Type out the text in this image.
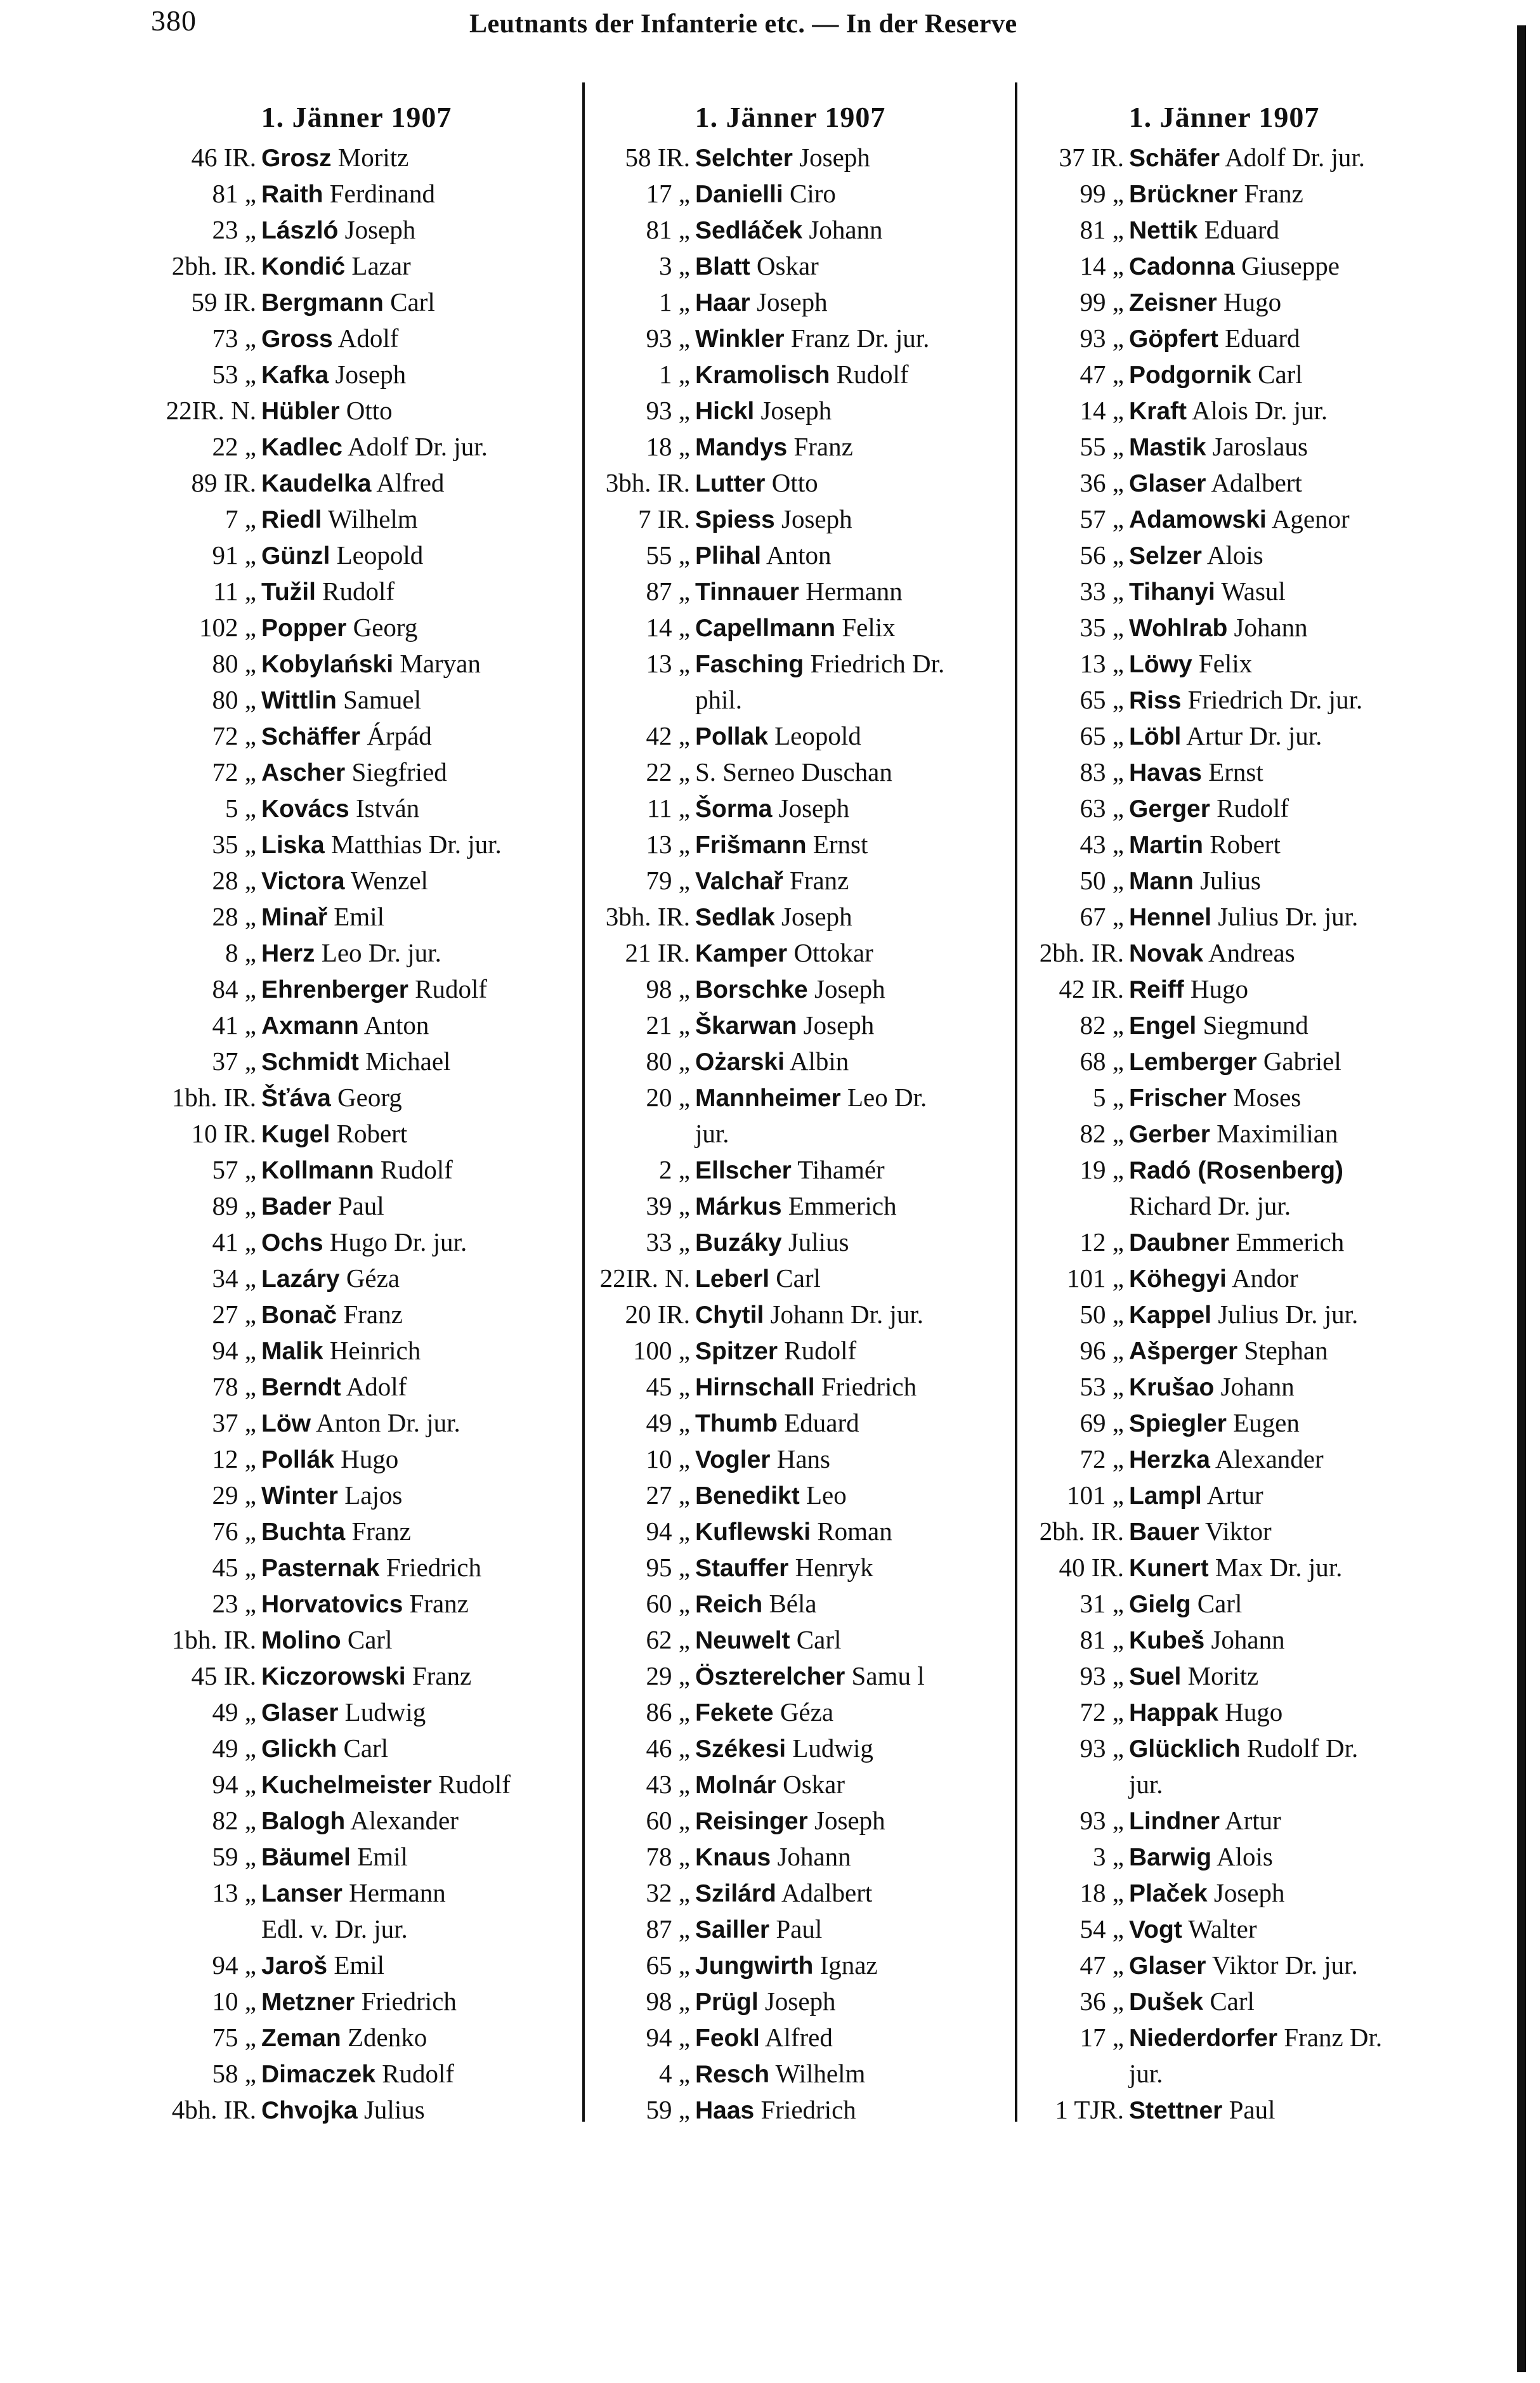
380	Leutnants der Infanterie etc. — In der Reserve
1. Jänner 1907
46 IR. Grosz Moritz
81 „ Raith Ferdinand
23 „ László Joseph
2bh. IR. Kondić Lazar
59 IR. Bergmann Carl
73 „ Gross Adolf
53 „ Kafka Joseph
22IR. N. Hübler Otto
22 „ Kadlec Adolf Dr. jur.
89 IR. Kaudelka Alfred
7 „ Riedl Wilhelm
91 „ Günzl Leopold
11 „ Tužil Rudolf
102 „ Popper Georg
80 „ Kobylański Maryan
80 „ Wittlin Samuel
72 „ Schäffer Árpád
72 „ Ascher Siegfried
5 „ Kovács István
35 „ Liska Matthias Dr. jur.
28 „ Victora Wenzel
28 „ Minař Emil
8 „ Herz Leo Dr. jur.
84 „ Ehrenberger Rudolf
41 „ Axmann Anton
37 „ Schmidt Michael
1bh. IR. Šťáva Georg
10 IR. Kugel Robert
57 „ Kollmann Rudolf
89 „ Bader Paul
41 „ Ochs Hugo Dr. jur.
34 „ Lazáry Géza
27 „ Bonač Franz
94 „ Malik Heinrich
78 „ Berndt Adolf
37 „ Löw Anton Dr. jur.
12 „ Pollák Hugo
29 „ Winter Lajos
76 „ Buchta Franz
45 „ Pasternak Friedrich
23 „ Horvatovics Franz
1bh. IR. Molino Carl
45 IR. Kiczorowski Franz
49 „ Glaser Ludwig
49 „ Glickh Carl
94 „ Kuchelmeister Rudolf
82 „ Balogh Alexander
59 „ Bäumel Emil
13 „ Lanser Hermann
Edl. v. Dr. jur.
94 „ Jaroš Emil
10 „ Metzner Friedrich
75 „ Zeman Zdenko
58 „ Dimaczek Rudolf
4bh. IR. Chvojka Julius
1. Jänner 1907
58 IR. Selchter Joseph
17 „ Danielli Ciro
81 „ Sedláček Johann
3 „ Blatt Oskar
1 „ Haar Joseph
93 „ Winkler Franz Dr. jur.
1 „ Kramolisch Rudolf
93 „ Hickl Joseph
18 „ Mandys Franz
3bh. IR. Lutter Otto
7 IR. Spiess Joseph
55 „ Plihal Anton
87 „ Tinnauer Hermann
14 „ Capellmann Felix
13 „ Fasching Friedrich Dr.
phil.
42 „ Pollak Leopold
22 „ S. Serneo Duschan
11 „ Šorma Joseph
13 „ Frišmann Ernst
79 „ Valchař Franz
3bh. IR. Sedlak Joseph
21 IR. Kamper Ottokar
98 „ Borschke Joseph
21 „ Škarwan Joseph
80 „ Ożarski Albin
20 „ Mannheimer Leo Dr.
jur.
2 „ Ellscher Tihamér
39 „ Márkus Emmerich
33 „ Buzáky Julius
22IR. N. Leberl Carl
20 IR. Chytil Johann Dr. jur.
100 „ Spitzer Rudolf
45 „ Hirnschall Friedrich
49 „ Thumb Eduard
10 „ Vogler Hans
27 „ Benedikt Leo
94 „ Kuflewski Roman
95 „ Stauffer Henryk
60 „ Reich Béla
62 „ Neuwelt Carl
29 „ Öszterelcher Samu l
86 „ Fekete Géza
46 „ Székesi Ludwig
43 „ Molnár Oskar
60 „ Reisinger Joseph
78 „ Knaus Johann
32 „ Szilárd Adalbert
87 „ Sailler Paul
65 „ Jungwirth Ignaz
98 „ Prügl Joseph
94 „ Feokl Alfred
4 „ Resch Wilhelm
59 „ Haas Friedrich
1. Jänner 1907
37 IR. Schäfer Adolf Dr. jur.
99 „ Brückner Franz
81 „ Nettik Eduard
14 „ Cadonna Giuseppe
99 „ Zeisner Hugo
93 „ Göpfert Eduard
47 „ Podgornik Carl
14 „ Kraft Alois Dr. jur.
55 „ Mastik Jaroslaus
36 „ Glaser Adalbert
57 „ Adamowski Agenor
56 „ Selzer Alois
33 „ Tihanyi Wasul
35 „ Wohlrab Johann
13 „ Löwy Felix
65 „ Riss Friedrich Dr. jur.
65 „ Löbl Artur Dr. jur.
83 „ Havas Ernst
63 „ Gerger Rudolf
43 „ Martin Robert
50 „ Mann Julius
67 „ Hennel Julius Dr. jur.
2bh. IR. Novak Andreas
42 IR. Reiff Hugo
82 „ Engel Siegmund
68 „ Lemberger Gabriel
5 „ Frischer Moses
82 „ Gerber Maximilian
19 „ Radó (Rosenberg)
Richard Dr. jur.
12 „ Daubner Emmerich
101 „ Köhegyi Andor
50 „ Kappel Julius Dr. jur.
96 „ Ašperger Stephan
53 „ Krušao Johann
69 „ Spiegler Eugen
72 „ Herzka Alexander
101 „ Lampl Artur
2bh. IR. Bauer Viktor
40 IR. Kunert Max Dr. jur.
31 „ Gielg Carl
81 „ Kubeš Johann
93 „ Suel Moritz
72 „ Happak Hugo
93 „ Glücklich Rudolf Dr.
jur.
93 „ Lindner Artur
3 „ Barwig Alois
18 „ Plaček Joseph
54 „ Vogt Walter
47 „ Glaser Viktor Dr. jur.
36 „ Dušek Carl
17 „ Niederdorfer Franz Dr.
jur.
1 TJR. Stettner Paul
